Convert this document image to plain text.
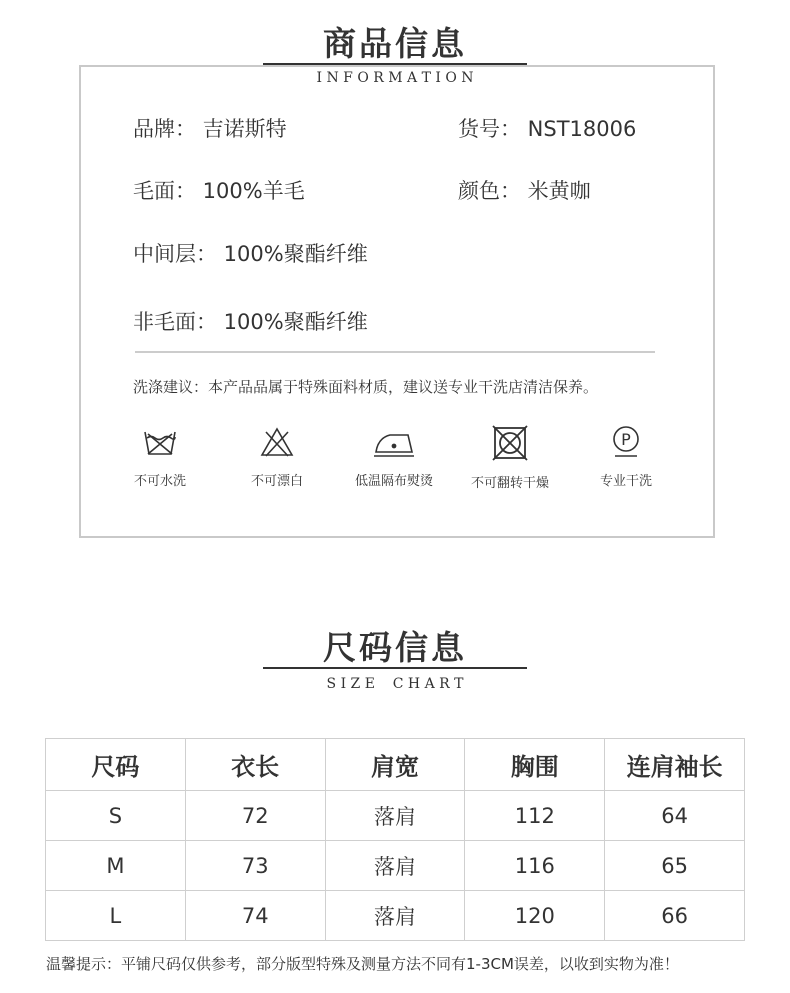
商品信息
I N F O R M A T I O N
品牌： 吉诺斯特	货号： NST18006
毛面： 100%羊毛	颜色： 米黄咖
中间层： 100%聚酯纤维
非毛面： 100%聚酯纤维
洗涤建议：本产品品属于特殊面料材质，建议送专业干洗店清洁保养。
不可水洗	不可漂白	低温隔布熨烫	不可翻转干燥
P
专业干洗
尺码信息
S I Z E    C H A R T
尺码	衣长	肩宽	胸围	连肩袖长
S	72	落肩	112	64
M	73	落肩	116	65
L	74	落肩	120	66
温馨提示：平铺尺码仅供参考，部分版型特殊及测量方法不同有1-3CM误差，以收到实物为准！
